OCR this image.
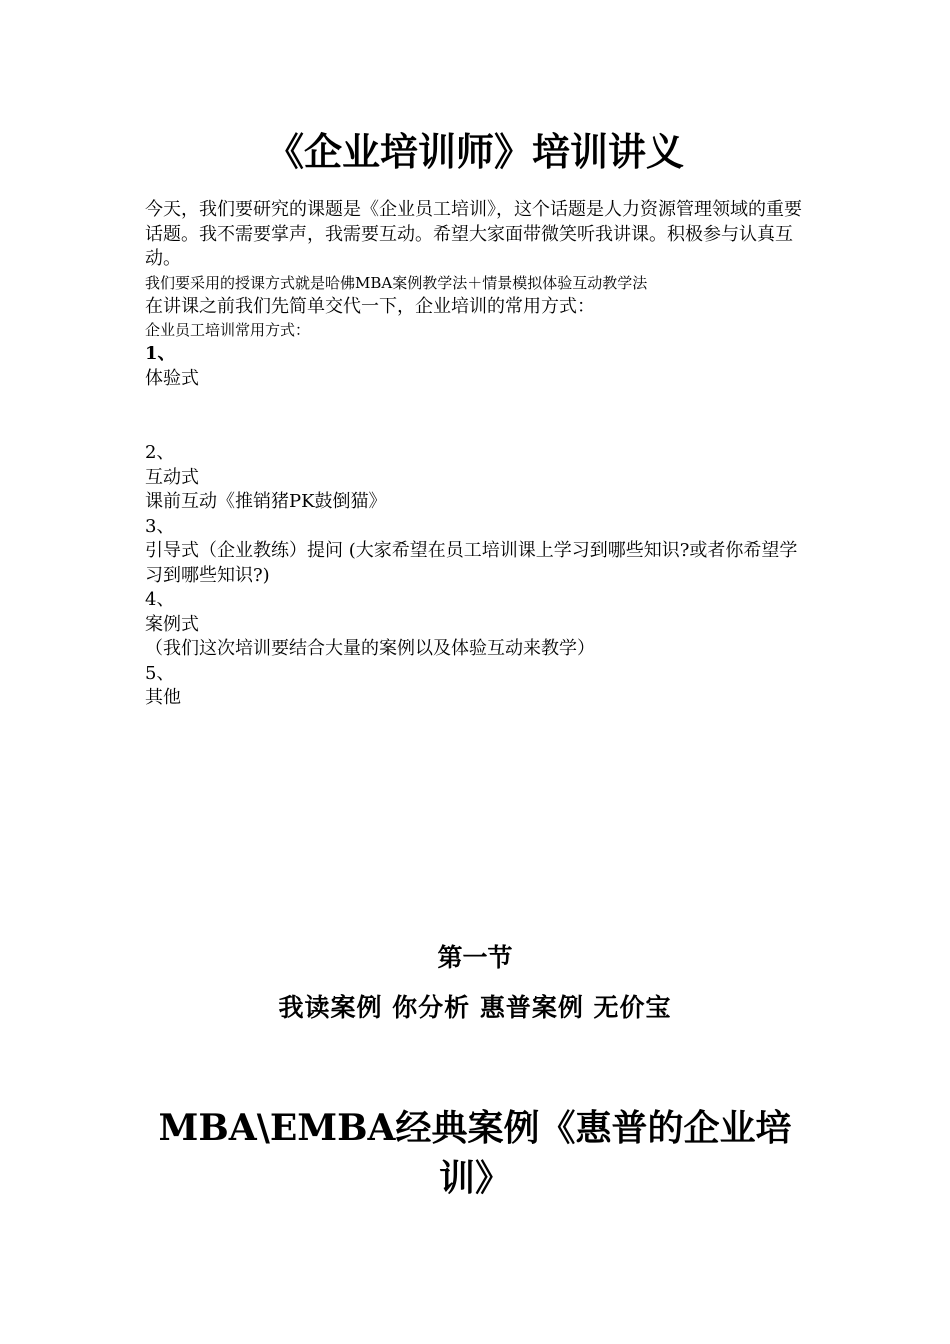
《企业培训师》培训讲义

今天，我们要研究的课题是《企业员工培训》，这个话题是人力资源管理领域的重要话题。我不需要掌声，我需要互动。希望大家面带微笑听我讲课。积极参与认真互动。

我们要采用的授课方式就是哈佛MBA案例教学法＋情景模拟体验互动教学法

在讲课之前我们先简单交代一下，企业培训的常用方式：

企业员工培训常用方式：

1、

体验式

2、

互动式

课前互动《推销猪PK鼓倒猫》

3、

引导式（企业教练）提问 (大家希望在员工培训课上学习到哪些知识?或者你希望学习到哪些知识?)

4、

案例式

（我们这次培训要结合大量的案例以及体验互动来教学）

5、

其他

第一节
我读案例 你分析 惠普案例 无价宝
MBA\EMBA经典案例《惠普的企业培训》
